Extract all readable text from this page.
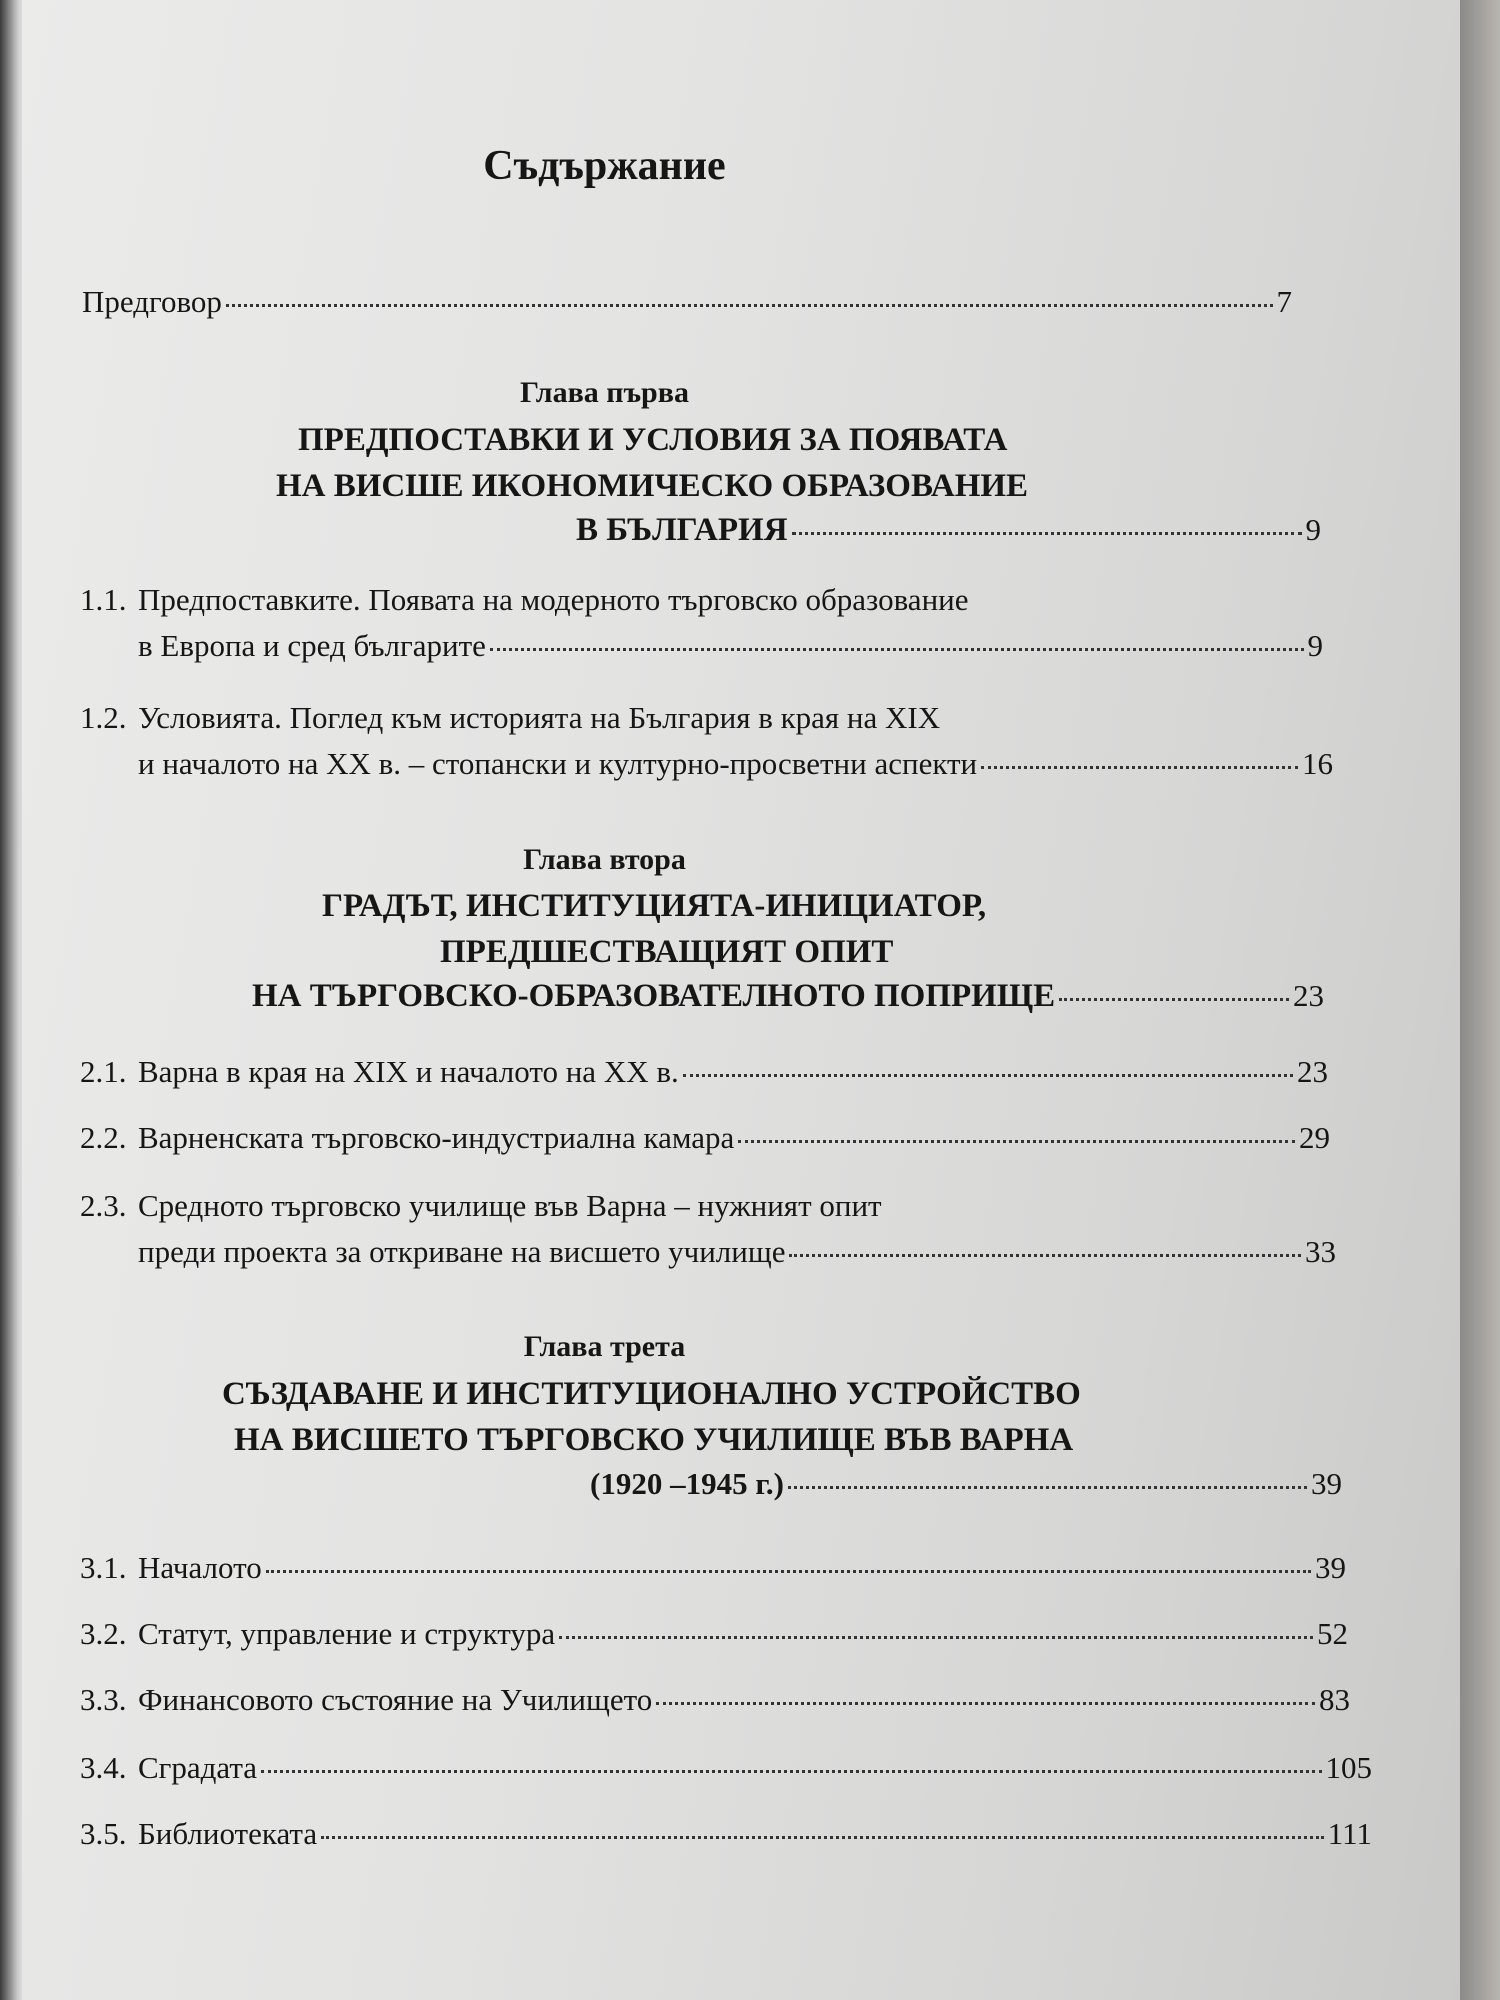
Съдържание
Предговор	7
Глава първа
ПРЕДПОСТАВКИ И УСЛОВИЯ ЗА ПОЯВАТА
НА ВИСШЕ ИКОНОМИЧЕСКО ОБРАЗОВАНИЕ
В БЪЛГАРИЯ	9
1.1. Предпоставките. Появата на модерното търговско образование
в Европа и сред българите	9
1.2. Условията. Поглед към историята на България в края на XIX
и началото на XX в. – стопански и културно-просветни аспекти	16
Глава втора
ГРАДЪТ, ИНСТИТУЦИЯТА-ИНИЦИАТОР,
ПРЕДШЕСТВАЩИЯТ ОПИТ
НА ТЪРГОВСКО-ОБРАЗОВАТЕЛНОТО ПОПРИЩЕ	23
2.1. Варна в края на XIX и началото на XX в.	23
2.2. Варненската търговско-индустриална камара	29
2.3. Средното търговско училище във Варна – нужният опит
преди проекта за откриване на висшето училище	33
Глава трета
СЪЗДАВАНЕ И ИНСТИТУЦИОНАЛНО УСТРОЙСТВО
НА ВИСШЕТО ТЪРГОВСКО УЧИЛИЩЕ ВЪВ ВАРНА
(1920 –1945 г.)	39
3.1. Началото	39
3.2. Статут, управление и структура	52
3.3. Финансовото състояние на Училището	83
3.4. Сградата	105
3.5. Библиотеката	111
